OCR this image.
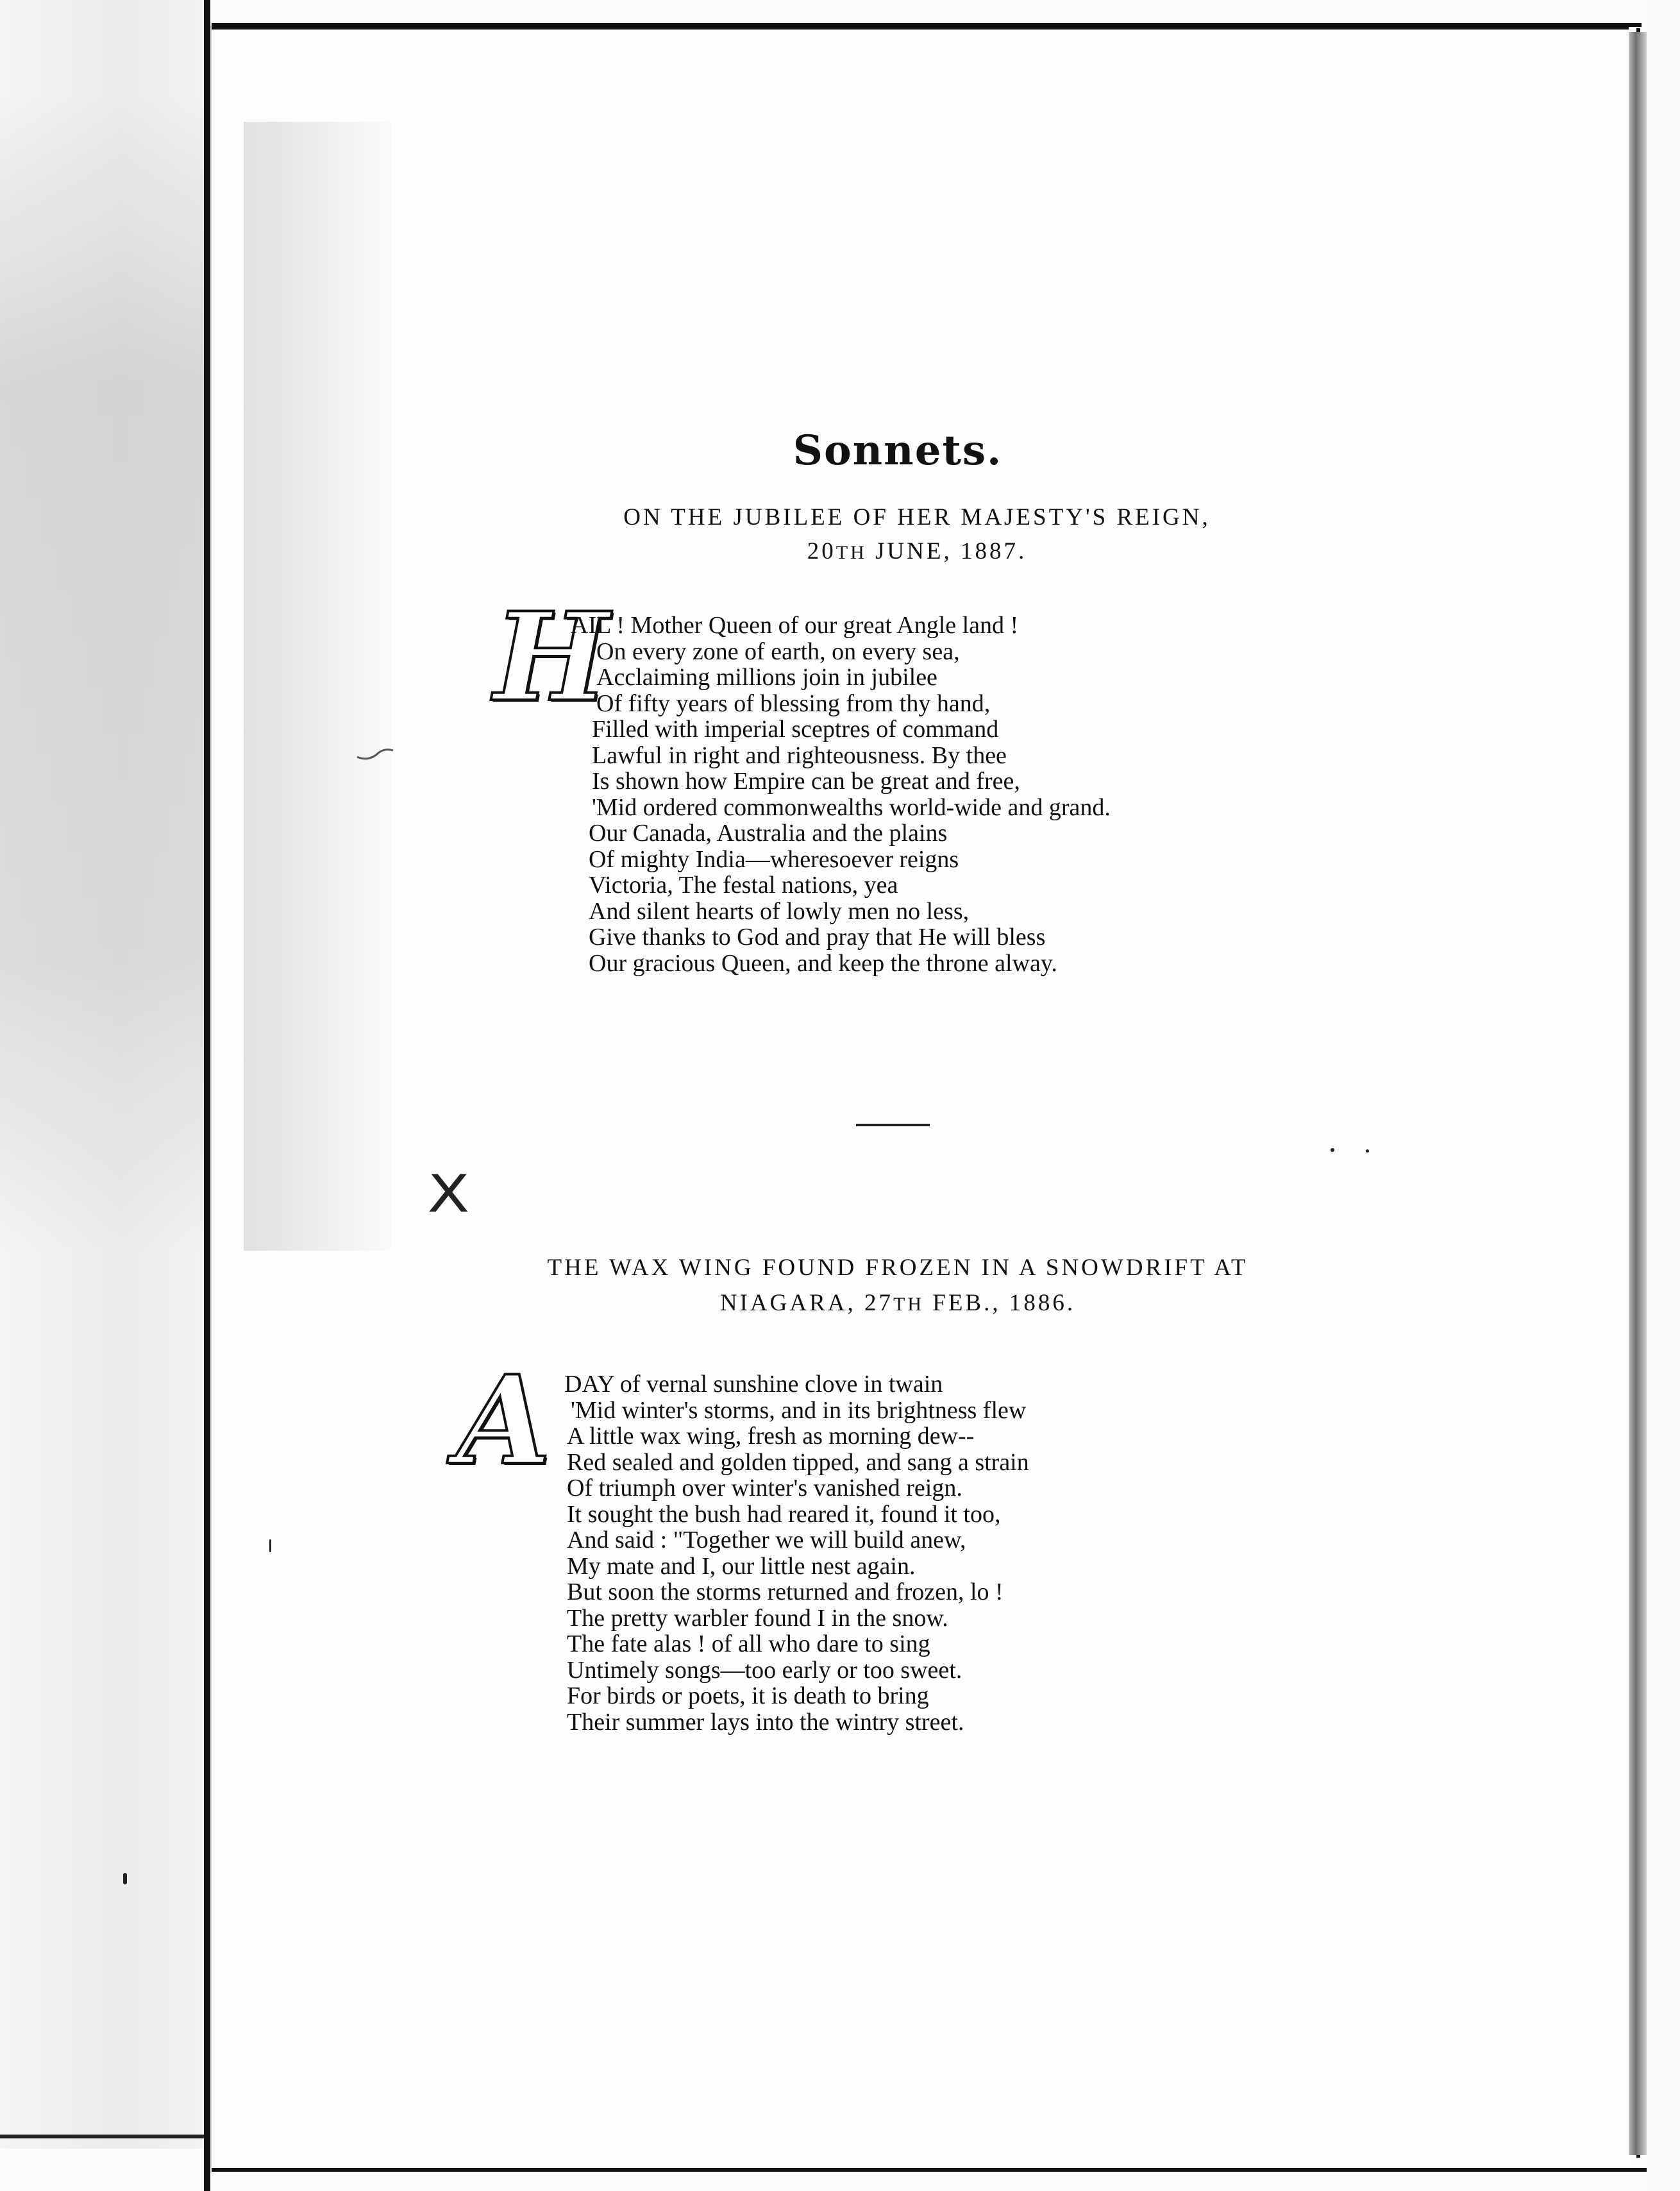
Sonnets.
ON THE JUBILEE OF HER MAJESTY'S REIGN,
20TH JUNE, 1887.
H
AIL ! Mother Queen of our great Angle land !
On every zone of earth, on every sea,
Acclaiming millions join in jubilee
Of fifty years of blessing from thy hand,
Filled with imperial sceptres of command
Lawful in right and righteousness. By thee
Is shown how Empire can be great and free,
'Mid ordered commonwealths world-wide and grand.
Our Canada, Australia and the plains
Of mighty India—wheresoever reigns
Victoria, The festal nations, yea
And silent hearts of lowly men no less,
Give thanks to God and pray that He will bless
Our gracious Queen, and keep the throne alway.
X
THE WAX WING FOUND FROZEN IN A SNOWDRIFT AT
NIAGARA, 27TH FEB., 1886.
A DAY of vernal sunshine clove in twain
'Mid winter's storms, and in its brightness flew
A little wax wing, fresh as morning dew--
Red sealed and golden tipped, and sang a strain
Of triumph over winter's vanished reign.
It sought the bush had reared it, found it too,
And said : "Together we will build anew,
My mate and I, our little nest again.
But soon the storms returned and frozen, lo !
The pretty warbler found I in the snow.
The fate alas ! of all who dare to sing
Untimely songs—too early or too sweet.
For birds or poets, it is death to bring
Their summer lays into the wintry street.
